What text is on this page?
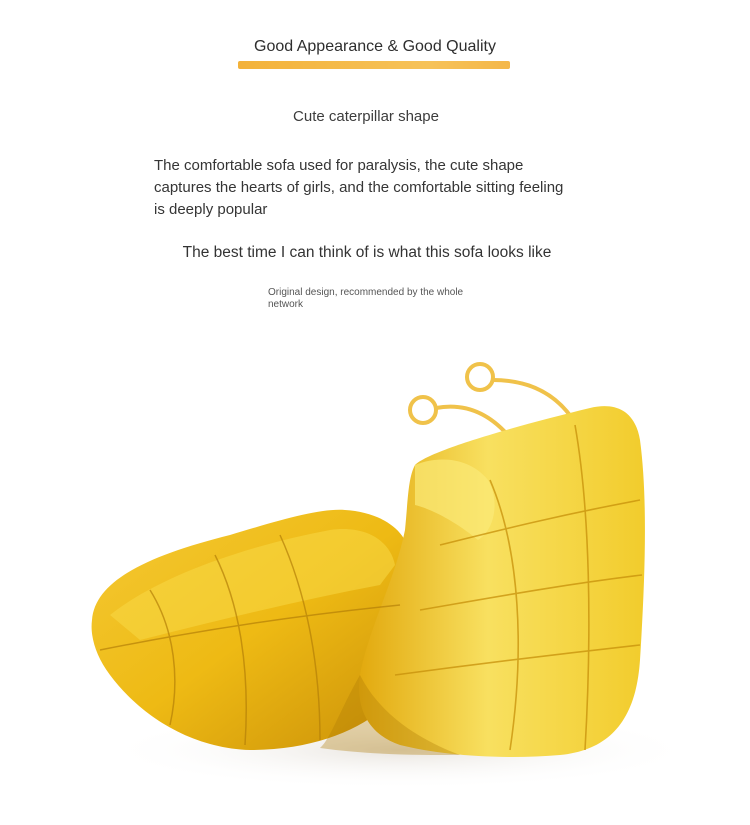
Good Appearance & Good Quality
Cute caterpillar shape
The comfortable sofa used for paralysis, the cute shape captures the hearts of girls, and the comfortable sitting feeling is deeply popular
The best time I can think of is what this sofa looks like
Original design, recommended by the whole network
